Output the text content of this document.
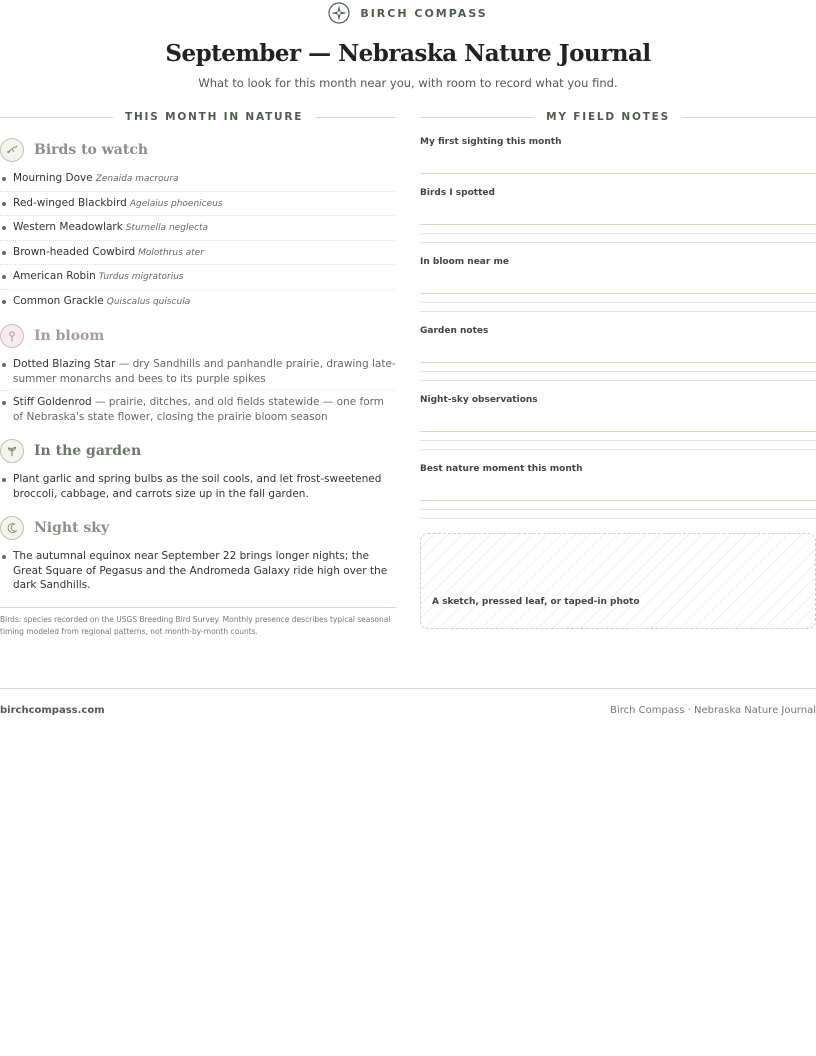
BIRCH COMPASS
September — Nebraska Nature Journal

What to look for this month near you, with room to record what you find.

THIS MONTH IN NATURE
Birds to watch
Mourning Dove Zenaida macroura
Red-winged Blackbird Agelaius phoeniceus
Western Meadowlark Sturnella neglecta
Brown-headed Cowbird Molothrus ater
American Robin Turdus migratorius
Common Grackle Quiscalus quiscula
In bloom
Dotted Blazing Star — dry Sandhills and panhandle prairie, drawing late-summer monarchs and bees to its purple spikes
Stiff Goldenrod — prairie, ditches, and old fields statewide — one form of Nebraska's state flower, closing the prairie bloom season
In the garden
Plant garlic and spring bulbs as the soil cools, and let frost-sweetened broccoli, cabbage, and carrots size up in the fall garden.
Night sky
The autumnal equinox near September 22 brings longer nights; the Great Square of Pegasus and the Andromeda Galaxy ride high over the dark Sandhills.

Birds: species recorded on the USGS Breeding Bird Survey. Monthly presence describes typical seasonal timing modeled from regional patterns, not month-by-month counts.

MY FIELD NOTES
My first sighting this month
Birds I spotted
In bloom near me
Garden notes
Night-sky observations
Best nature moment this month
A sketch, pressed leaf, or taped-in photo
birchcompass.com	Birch Compass · Nebraska Nature Journal
